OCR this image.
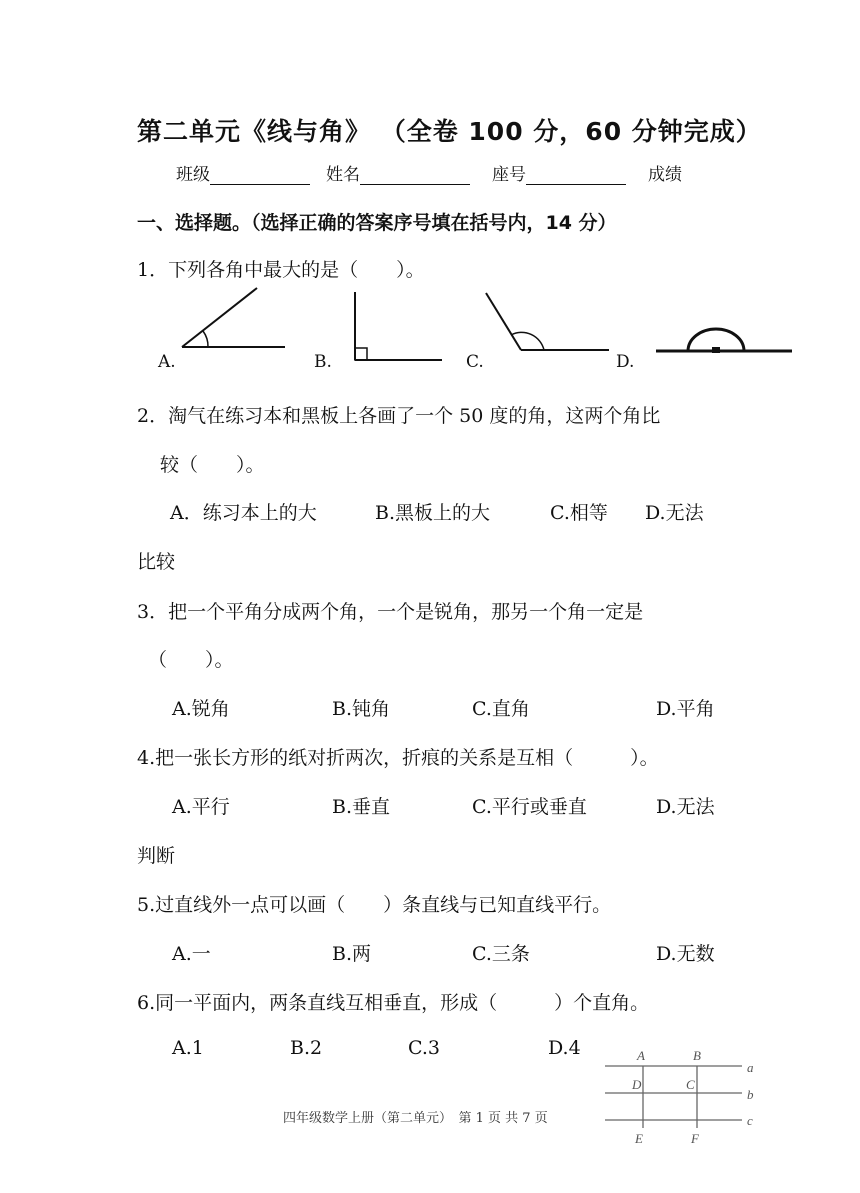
第二单元《线与角》 （全卷 100 分，60 分钟完成）
班级	姓名	座号	成绩
一、选择题。（选择正确的答案序号填在括号内，14 分）
1．下列各角中最大的是（　　）。
A.	B.	C.	D.
2．淘气在练习本和黑板上各画了一个 50 度的角，这两个角比
较（　　）。
A．练习本上的大	B.黑板上的大	C.相等 D.无法
比较
3．把一个平角分成两个角，一个是锐角，那另一个角一定是
（　　）。
A.锐角	B.钝角	C.直角	D.平角
4.把一张长方形的纸对折两次，折痕的关系是互相（　　　）。
A.平行	B.垂直	C.平行或垂直	D.无法
判断
5.过直线外一点可以画（　　）条直线与已知直线平行。
A.一	B.两	C.三条	D.无数
6.同一平面内，两条直线互相垂直，形成（　　　）个直角。
A.1	B.2	C.3	D.4	A	B
D	C
E	F
a
b
c
四年级数学上册（第二单元）　第 1 页 共 7 页
